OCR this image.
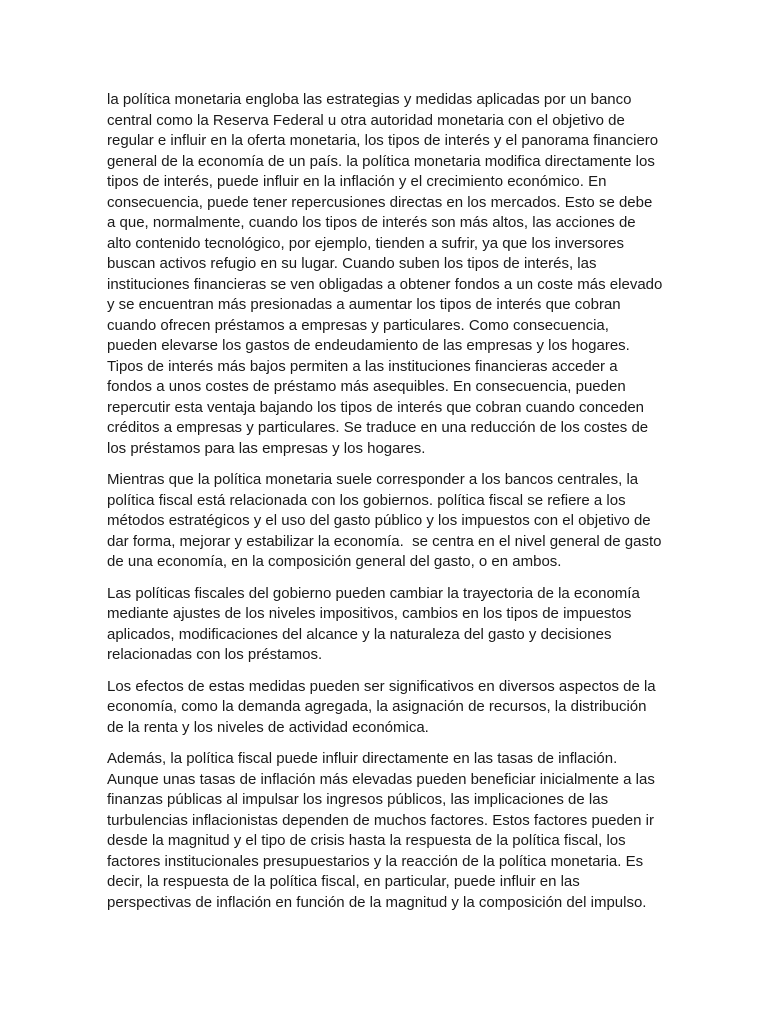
la política monetaria engloba las estrategias y medidas aplicadas por un banco central como la Reserva Federal u otra autoridad monetaria con el objetivo de regular e influir en la oferta monetaria, los tipos de interés y el panorama financiero general de la economía de un país. la política monetaria modifica directamente los tipos de interés, puede influir en la inflación y el crecimiento económico. En consecuencia, puede tener repercusiones directas en los mercados. Esto se debe a que, normalmente, cuando los tipos de interés son más altos, las acciones de alto contenido tecnológico, por ejemplo, tienden a sufrir, ya que los inversores buscan activos refugio en su lugar. Cuando suben los tipos de interés, las instituciones financieras se ven obligadas a obtener fondos a un coste más elevado y se encuentran más presionadas a aumentar los tipos de interés que cobran cuando ofrecen préstamos a empresas y particulares. Como consecuencia, pueden elevarse los gastos de endeudamiento de las empresas y los hogares. Tipos de interés más bajos permiten a las instituciones financieras acceder a fondos a unos costes de préstamo más asequibles. En consecuencia, pueden repercutir esta ventaja bajando los tipos de interés que cobran cuando conceden créditos a empresas y particulares. Se traduce en una reducción de los costes de los préstamos para las empresas y los hogares.

Mientras que la política monetaria suele corresponder a los bancos centrales, la política fiscal está relacionada con los gobiernos. política fiscal se refiere a los métodos estratégicos y el uso del gasto público y los impuestos con el objetivo de dar forma, mejorar y estabilizar la economía.  se centra en el nivel general de gasto de una economía, en la composición general del gasto, o en ambos.

Las políticas fiscales del gobierno pueden cambiar la trayectoria de la economía mediante ajustes de los niveles impositivos, cambios en los tipos de impuestos aplicados, modificaciones del alcance y la naturaleza del gasto y decisiones relacionadas con los préstamos.

Los efectos de estas medidas pueden ser significativos en diversos aspectos de la economía, como la demanda agregada, la asignación de recursos, la distribución de la renta y los niveles de actividad económica.

Además, la política fiscal puede influir directamente en las tasas de inflación. Aunque unas tasas de inflación más elevadas pueden beneficiar inicialmente a las finanzas públicas al impulsar los ingresos públicos, las implicaciones de las turbulencias inflacionistas dependen de muchos factores. Estos factores pueden ir desde la magnitud y el tipo de crisis hasta la respuesta de la política fiscal, los factores institucionales presupuestarios y la reacción de la política monetaria. Es decir, la respuesta de la política fiscal, en particular, puede influir en las perspectivas de inflación en función de la magnitud y la composición del impulso.
